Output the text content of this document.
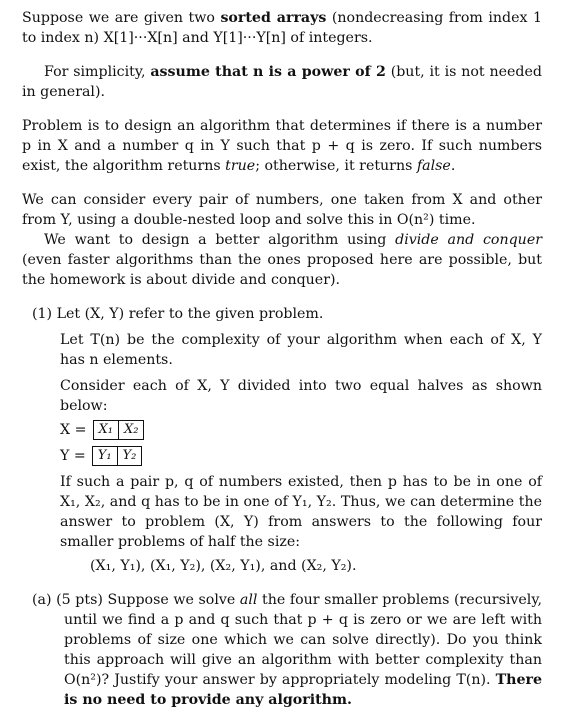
Suppose we are given two sorted arrays (nondecreasing from index 1 to index n) X[1]···X[n] and Y[1]···Y[n] of integers.

For simplicity, assume that n is a power of 2 (but, it is not needed in general).

Problem is to design an algorithm that determines if there is a number p in X and a number q in Y such that p + q is zero. If such numbers exist, the algorithm returns true; otherwise, it returns false.

We can consider every pair of numbers, one taken from X and other from Y, using a double-nested loop and solve this in O(n²) time.

We want to design a better algorithm using divide and conquer (even faster algorithms than the ones proposed here are possible, but the homework is about divide and conquer).

(1) Let (X, Y) refer to the given problem.

Let T(n) be the complexity of your algorithm when each of X, Y has n elements.

Consider each of X, Y divided into two equal halves as shown below:

X = X₁ X₂
Y = Y₁ Y₂

If such a pair p, q of numbers existed, then p has to be in one of X₁, X₂, and q has to be in one of Y₁, Y₂. Thus, we can determine the answer to problem (X, Y) from answers to the following four smaller problems of half the size:

(X₁, Y₁), (X₁, Y₂), (X₂, Y₁), and (X₂, Y₂).

(a) (5 pts) Suppose we solve all the four smaller problems (recursively, until we find a p and q such that p + q is zero or we are left with problems of size one which we can solve directly). Do you think this approach will give an algorithm with better complexity than O(n²)? Justify your answer by appropriately modeling T(n). There is no need to provide any algorithm.
